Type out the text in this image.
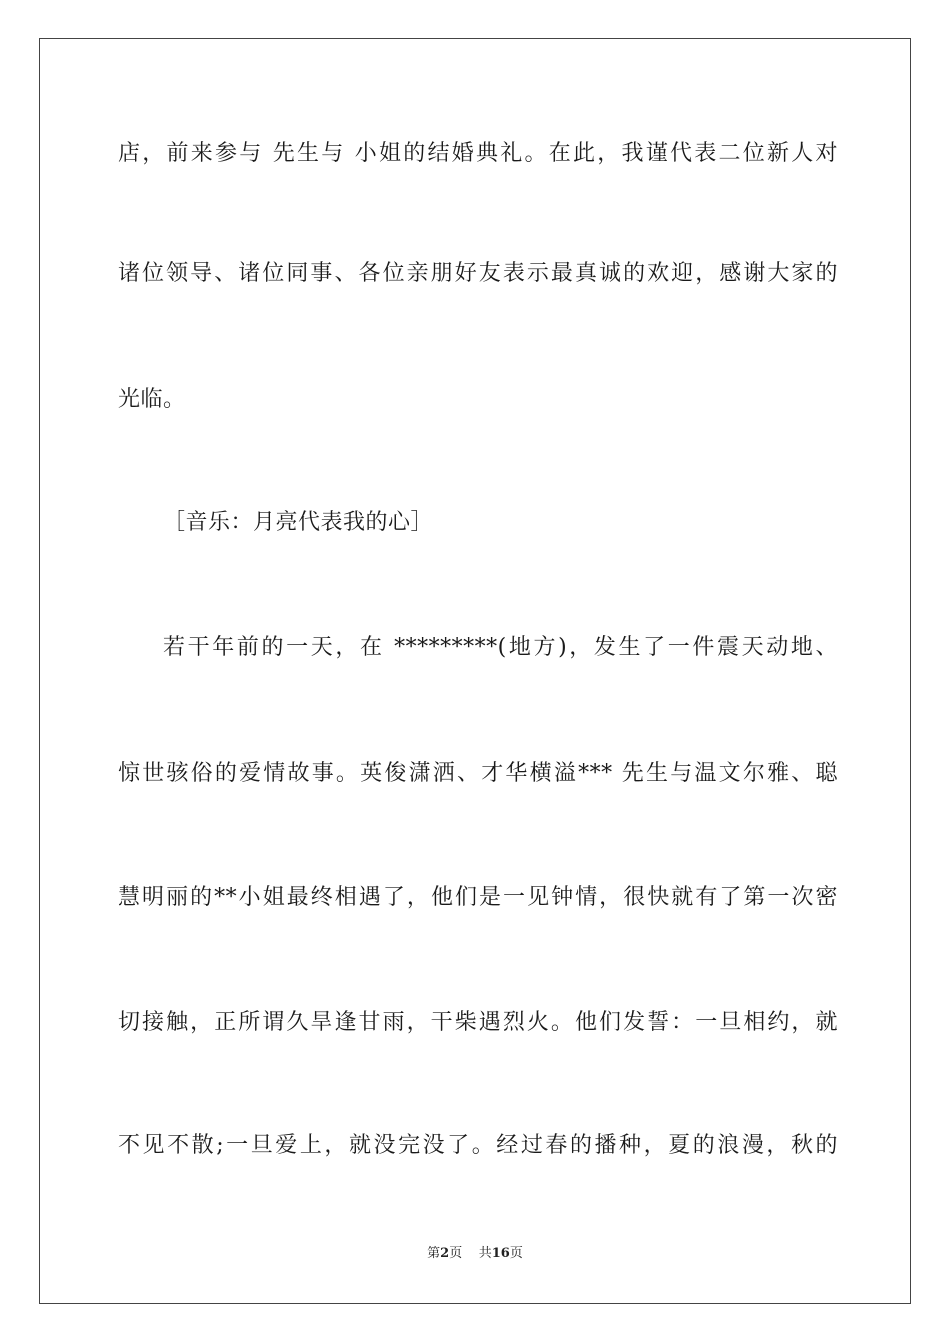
店，前来参与 先生与 小姐的结婚典礼。在此，我谨代表二位新人对
诸位领导、诸位同事、各位亲朋好友表示最真诚的欢迎，感谢大家的
光临。
［音乐：月亮代表我的心］
若干年前的一天，在 *********(地方)，发生了一件震天动地、
惊世骇俗的爱情故事。英俊潇洒、才华横溢*** 先生与温文尔雅、聪
慧明丽的**小姐最终相遇了，他们是一见钟情，很快就有了第一次密
切接触，正所谓久旱逢甘雨，干柴遇烈火。他们发誓：一旦相约，就
不见不散;一旦爱上，就没完没了。经过春的播种，夏的浪漫，秋的
第2页 共16页
